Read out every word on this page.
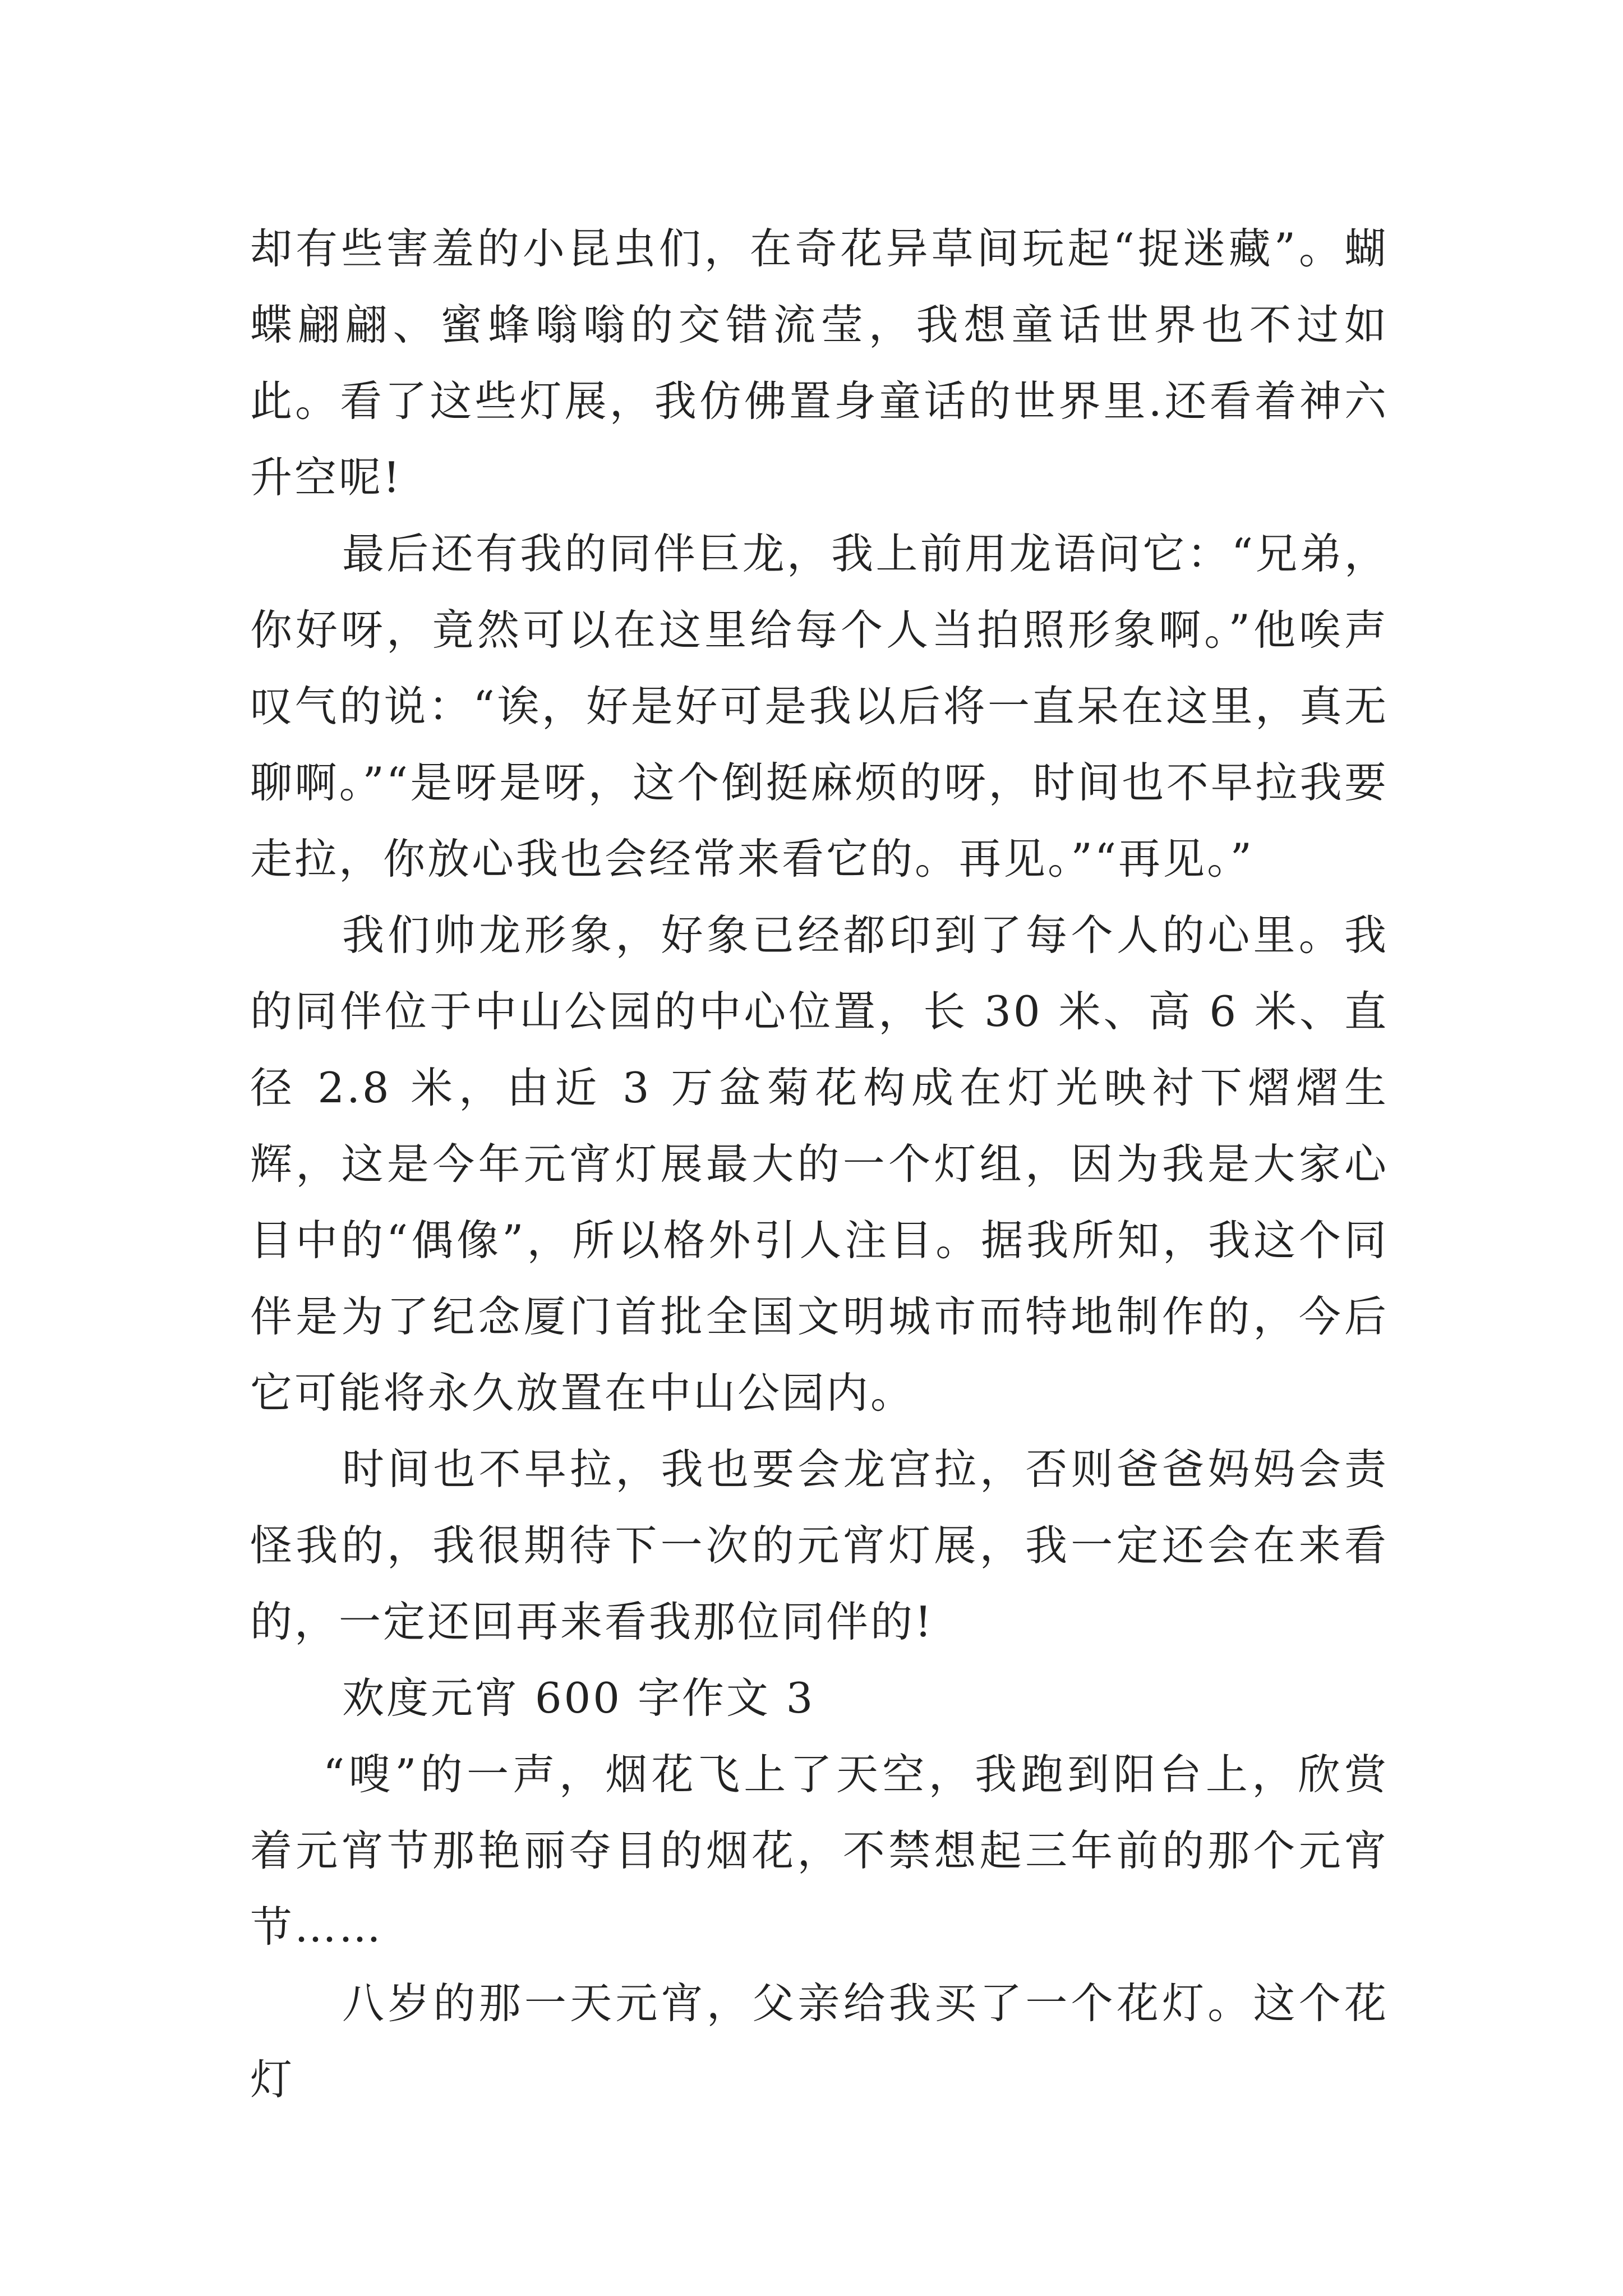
却有些害羞的小昆虫们，在奇花异草间玩起“捉迷藏”。蝴蝶翩翩、蜜蜂嗡嗡的交错流莹，我想童话世界也不过如此。看了这些灯展，我仿佛置身童话的世界里.还看着神六升空呢!

最后还有我的同伴巨龙，我上前用龙语问它：“兄弟，你好呀，竟然可以在这里给每个人当拍照形象啊。”他唉声叹气的说：“诶，好是好可是我以后将一直呆在这里，真无聊啊。”“是呀是呀，这个倒挺麻烦的呀，时间也不早拉我要走拉，你放心我也会经常来看它的。再见。”“再见。”

我们帅龙形象，好象已经都印到了每个人的心里。我的同伴位于中山公园的中心位置，长 30 米、高 6 米、直径 2.8 米，由近 3 万盆菊花构成在灯光映衬下熠熠生辉，这是今年元宵灯展最大的一个灯组，因为我是大家心目中的“偶像”，所以格外引人注目。据我所知，我这个同伴是为了纪念厦门首批全国文明城市而特地制作的，今后它可能将永久放置在中山公园内。

时间也不早拉，我也要会龙宫拉，否则爸爸妈妈会责怪我的，我很期待下一次的元宵灯展，我一定还会在来看的，一定还回再来看我那位同伴的!

欢度元宵 600 字作文 3

“嗖”的一声，烟花飞上了天空，我跑到阳台上，欣赏着元宵节那艳丽夺目的烟花，不禁想起三年前的那个元宵节……

八岁的那一天元宵，父亲给我买了一个花灯。这个花灯
